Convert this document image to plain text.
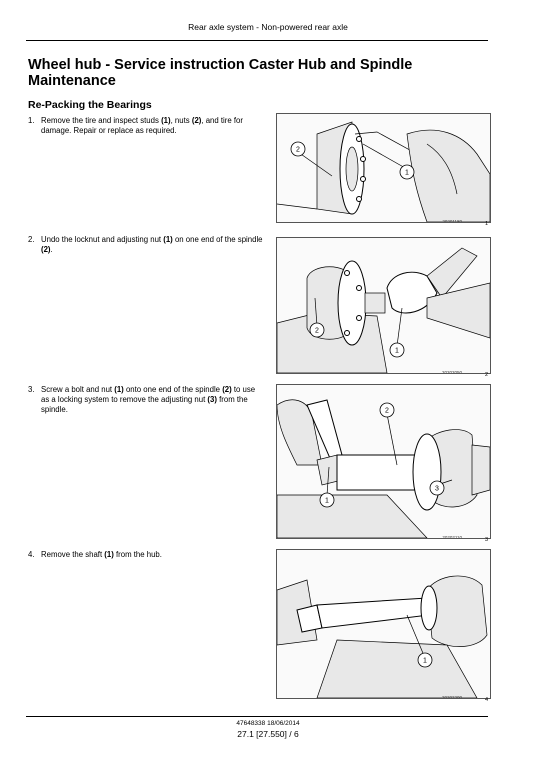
Rear axle system - Non-powered rear axle
Wheel hub - Service instruction Caster Hub and Spindle Maintenance
Re-Packing the Bearings
1. Remove the tire and inspect studs (1), nuts (2), and tire for damage. Repair or replace as required.
2. Undo the locknut and adjusting nut (1) on one end of the spindle (2).
3. Screw a bolt and nut (1) onto one end of the spindle (2) to use as a locking system to remove the adjusting nut (3) from the spindle.
4. Remove the shaft (1) from the hub.
2
1
20201180	1
2
1
20202050	2
2
1
3
20202110	3
1
20202200	4
47648338 18/06/2014
27.1 [27.550] / 6
